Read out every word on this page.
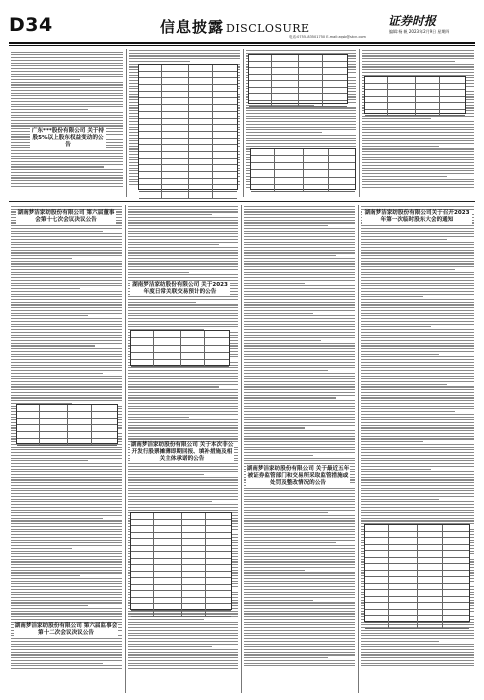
D34	信息披露 DISCLOSURE
证券时报
编辑:杨 帆 2023年2月9日 星期四
电话:0755-83501750 E-mail:zqsb@stcn.com
广东***股份有限公司 关于持股5%以上股东权益变动的公告
湖南梦洁家纺股份有限公司 第六届董事会第十七次会议决议公告
湖南梦洁家纺股份有限公司 关于2023年度日常关联交易预计的公告
湖南梦洁家纺股份有限公司 关于本次非公开发行股票摊薄即期回报、填补措施及相关主体承诺的公告
湖南梦洁家纺股份有限公司 关于最近五年被证券监管部门和交易所采取监管措施或处罚及整改情况的公告
湖南梦洁家纺股份有限公司 第六届监事会第十二次会议决议公告
湖南梦洁家纺股份有限公司关于召开2023年第一次临时股东大会的通知
